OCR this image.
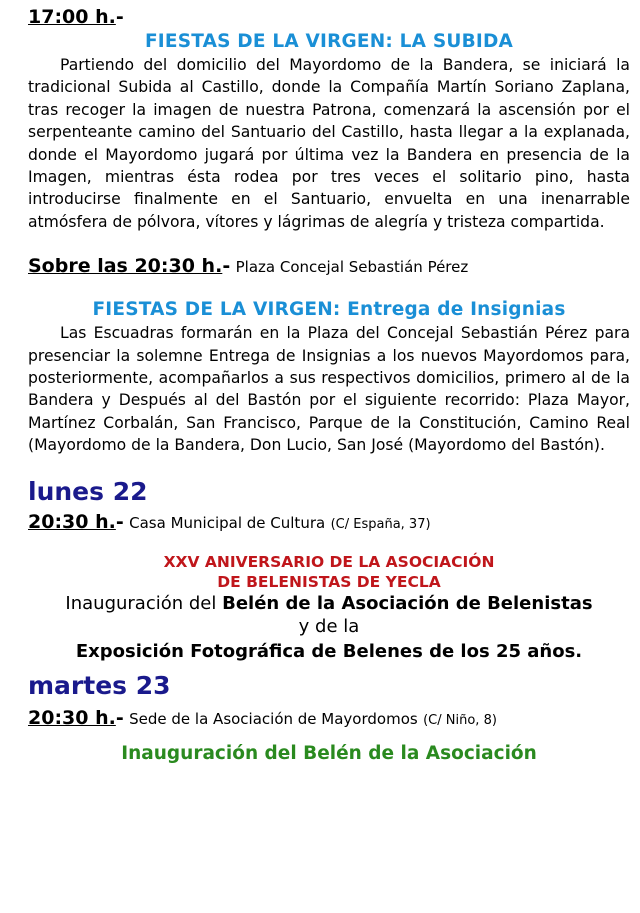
17:00 h.-
FIESTAS DE LA VIRGEN: LA SUBIDA

Partiendo del domicilio del Mayordomo de la Bandera, se iniciará la tradicional Subida al Castillo, donde la Compañía Martín Soriano Zaplana, tras recoger la imagen de nuestra Patrona, comenzará la ascensión por el serpenteante camino del Santuario del Castillo, hasta llegar a la explanada, donde el Mayordomo jugará por última vez la Bandera en presencia de la Imagen, mientras ésta rodea por tres veces el solitario pino, hasta introducirse finalmente en el Santuario, envuelta en una inenarrable atmósfera de pólvora, vítores y lágrimas de alegría y tristeza compartida.

Sobre las 20:30 h.- Plaza Concejal Sebastián Pérez
FIESTAS DE LA VIRGEN: Entrega de Insignias

Las Escuadras formarán en la Plaza del Concejal Sebastián Pérez para presenciar la solemne Entrega de Insignias a los nuevos Mayordomos para, posteriormente, acompañarlos a sus respectivos domicilios, primero al de la Bandera y Después al del Bastón por el siguiente recorrido: Plaza Mayor, Martínez Corbalán, San Francisco, Parque de la Constitución, Camino Real (Mayordomo de la Bandera, Don Lucio, San José (Mayordomo del Bastón).

lunes 22
20:30 h.- Casa Municipal de Cultura (C/ España, 37)
XXV ANIVERSARIO DE LA ASOCIACIÓN
DE BELENISTAS DE YECLA
Inauguración del Belén de la Asociación de Belenistas
y de la
Exposición Fotográfica de Belenes de los 25 años.
martes 23
20:30 h.- Sede de la Asociación de Mayordomos (C/ Niño, 8)
Inauguración del Belén de la Asociación
